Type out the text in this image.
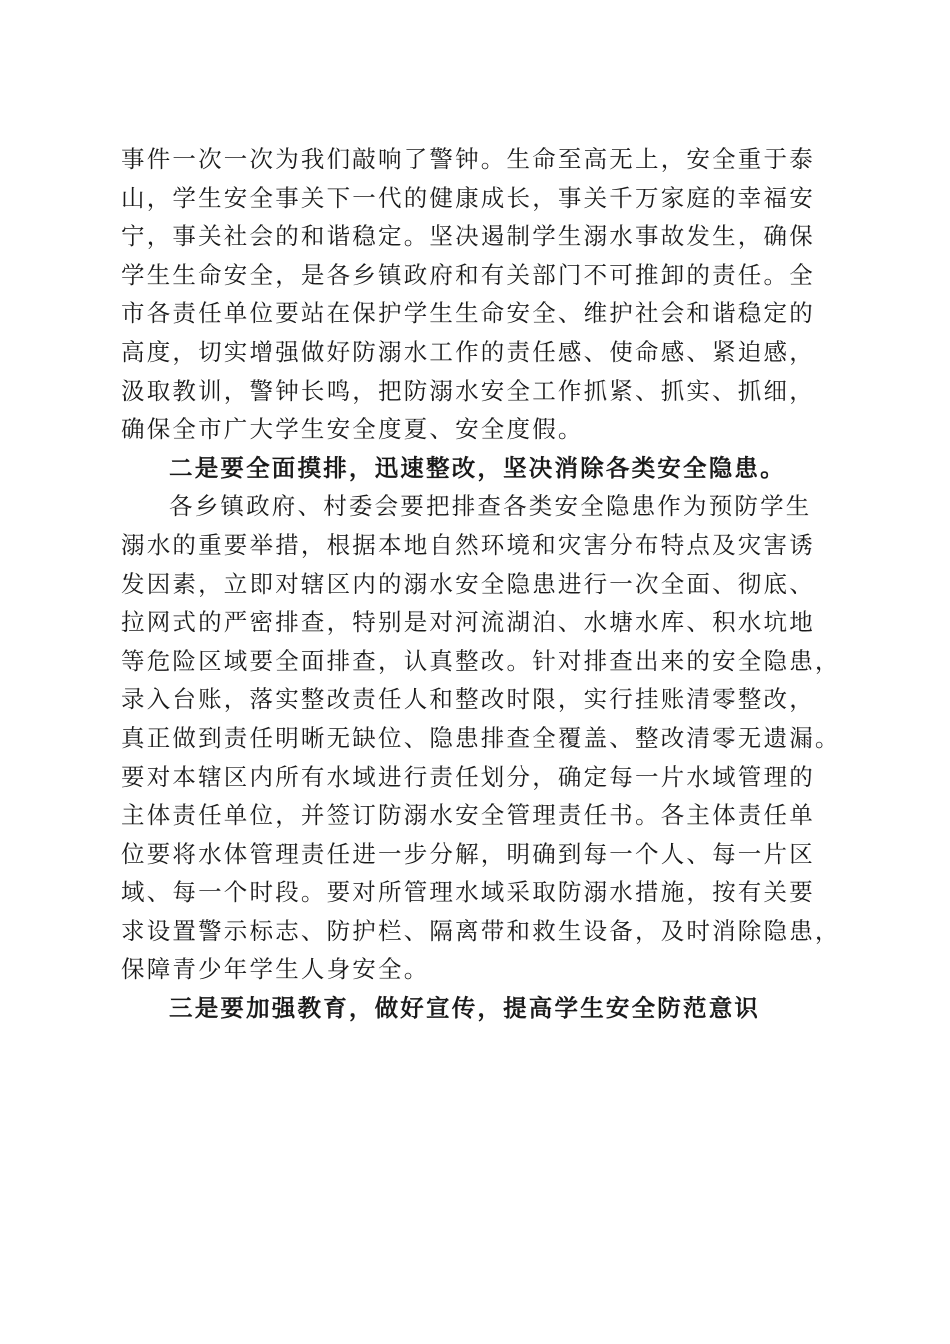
事件一次一次为我们敲响了警钟。生命至高无上，安全重于泰
山，学生安全事关下一代的健康成长，事关千万家庭的幸福安
宁，事关社会的和谐稳定。坚决遏制学生溺水事故发生，确保
学生生命安全，是各乡镇政府和有关部门不可推卸的责任。全
市各责任单位要站在保护学生生命安全、维护社会和谐稳定的
高度，切实增强做好防溺水工作的责任感、使命感、紧迫感，
汲取教训，警钟长鸣，把防溺水安全工作抓紧、抓实、抓细，
确保全市广大学生安全度夏、安全度假。
二是要全面摸排，迅速整改，坚决消除各类安全隐患。
各乡镇政府、村委会要把排查各类安全隐患作为预防学生
溺水的重要举措，根据本地自然环境和灾害分布特点及灾害诱
发因素，立即对辖区内的溺水安全隐患进行一次全面、彻底、
拉网式的严密排查，特别是对河流湖泊、水塘水库、积水坑地
等危险区域要全面排查，认真整改。针对排查出来的安全隐患，
录入台账，落实整改责任人和整改时限，实行挂账清零整改，
真正做到责任明晰无缺位、隐患排查全覆盖、整改清零无遗漏。
要对本辖区内所有水域进行责任划分，确定每一片水域管理的
主体责任单位，并签订防溺水安全管理责任书。各主体责任单
位要将水体管理责任进一步分解，明确到每一个人、每一片区
域、每一个时段。要对所管理水域采取防溺水措施，按有关要
求设置警示标志、防护栏、隔离带和救生设备，及时消除隐患，
保障青少年学生人身安全。
三是要加强教育，做好宣传，提高学生安全防范意识
